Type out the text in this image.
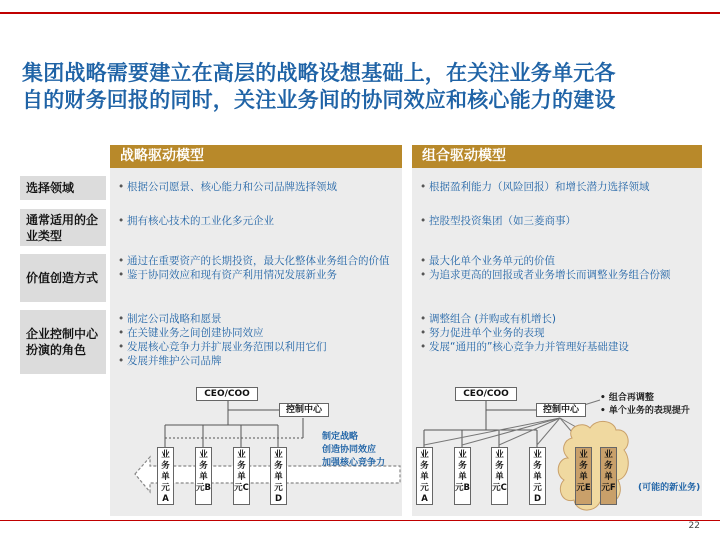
集团战略需要建立在高层的战略设想基础上，在关注业务单元各
自的财务回报的同时，关注业务间的协同效应和核心能力的建设
战略驱动模型	组合驱动模型
选择领域
通常适用的企业类型
价值创造方式
企业控制中心扮演的角色
• 根据公司愿景、核心能力和公司品牌选择领域
• 拥有核心技术的工业化多元企业
• 通过在重要资产的长期投资，最大化整体业务组合的价值
• 鉴于协同效应和现有资产利用情况发展新业务
• 制定公司战略和愿景
• 在关键业务之间创建协同效应
• 发展核心竞争力并扩展业务范围以利用它们
• 发展并维护公司品牌
• 根据盈利能力（风险回报）和增长潜力选择领域
• 控股型投资集团（如三菱商事）
• 最大化单个业务单元的价值
• 为追求更高的回报或者业务增长而调整业务组合份额
• 调整组合 (并购或有机增长)
• 努力促进单个业务的表现
• 发展“通用的”核心竞争力并管理好基础建设
CEO/COO
控制中心
业务单元A
业务单元B
业务单元C
业务单元D
制定战略
创造协同效应
加强核心竞争力
CEO/COO
控制中心
业务单元A
业务单元B
业务单元C
业务单元D
业务单元E
业务单元F
• 组合再调整
• 单个业务的表现提升
(可能的新业务)
22
